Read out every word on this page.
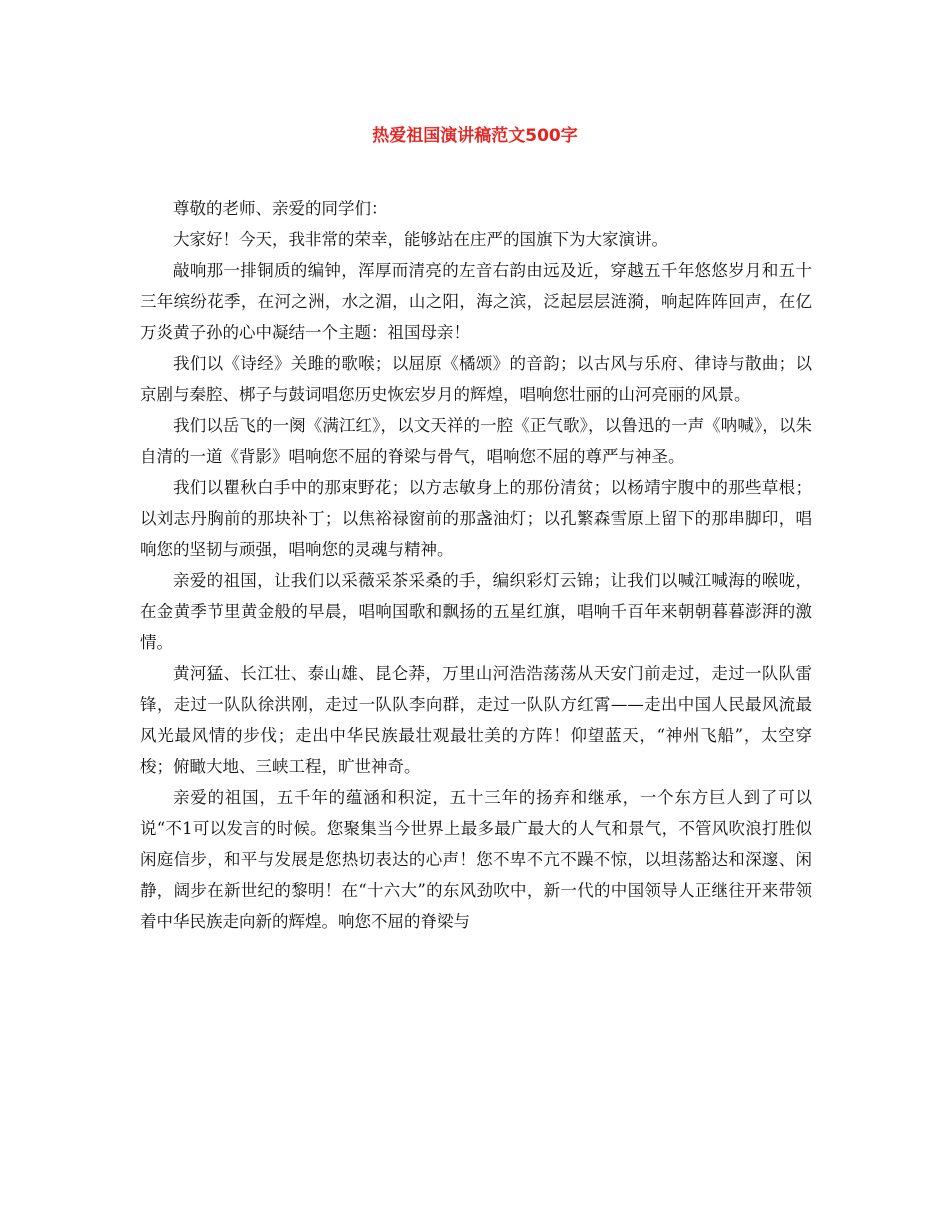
热爱祖国演讲稿范文500字

尊敬的老师、亲爱的同学们：

大家好！今天，我非常的荣幸，能够站在庄严的国旗下为大家演讲。

敲响那一排铜质的编钟，浑厚而清亮的左音右韵由远及近，穿越五千年悠悠岁月和五十三年缤纷花季，在河之洲，水之湄，山之阳，海之滨，泛起层层涟漪，响起阵阵回声，在亿万炎黄子孙的心中凝结一个主题：祖国母亲！

我们以《诗经》关雎的歌喉；以屈原《橘颂》的音韵；以古风与乐府、律诗与散曲；以京剧与秦腔、梆子与鼓词唱您历史恢宏岁月的辉煌，唱响您壮丽的山河亮丽的风景。

我们以岳飞的一阕《满江红》，以文天祥的一腔《正气歌》，以鲁迅的一声《呐喊》，以朱自清的一道《背影》唱响您不屈的脊梁与骨气，唱响您不屈的尊严与神圣。

我们以瞿秋白手中的那束野花；以方志敏身上的那份清贫；以杨靖宇腹中的那些草根；以刘志丹胸前的那块补丁；以焦裕禄窗前的那盏油灯；以孔繁森雪原上留下的那串脚印，唱响您的坚韧与顽强，唱响您的灵魂与精神。

亲爱的祖国，让我们以采薇采茶采桑的手，编织彩灯云锦；让我们以喊江喊海的喉咙，在金黄季节里黄金般的早晨，唱响国歌和飘扬的五星红旗，唱响千百年来朝朝暮暮澎湃的激情。

黄河猛、长江壮、泰山雄、昆仑莽，万里山河浩浩荡荡从天安门前走过，走过一队队雷锋，走过一队队徐洪刚，走过一队队李向群，走过一队队方红霄——走出中国人民最风流最风光最风情的步伐；走出中华民族最壮观最壮美的方阵！仰望蓝天，“神州飞船”，太空穿梭；俯瞰大地、三峡工程，旷世神奇。

亲爱的祖国，五千年的蕴涵和积淀，五十三年的扬弃和继承，一个东方巨人到了可以说“不1可以发言的时候。您聚集当今世界上最多最广最大的人气和景气，不管风吹浪打胜似闲庭信步，和平与发展是您热切表达的心声！您不卑不亢不躁不惊，以坦荡豁达和深邃、闲静，阔步在新世纪的黎明！在“十六大”的东风劲吹中，新一代的中国领导人正继往开来带领着中华民族走向新的辉煌。响您不屈的脊梁与
